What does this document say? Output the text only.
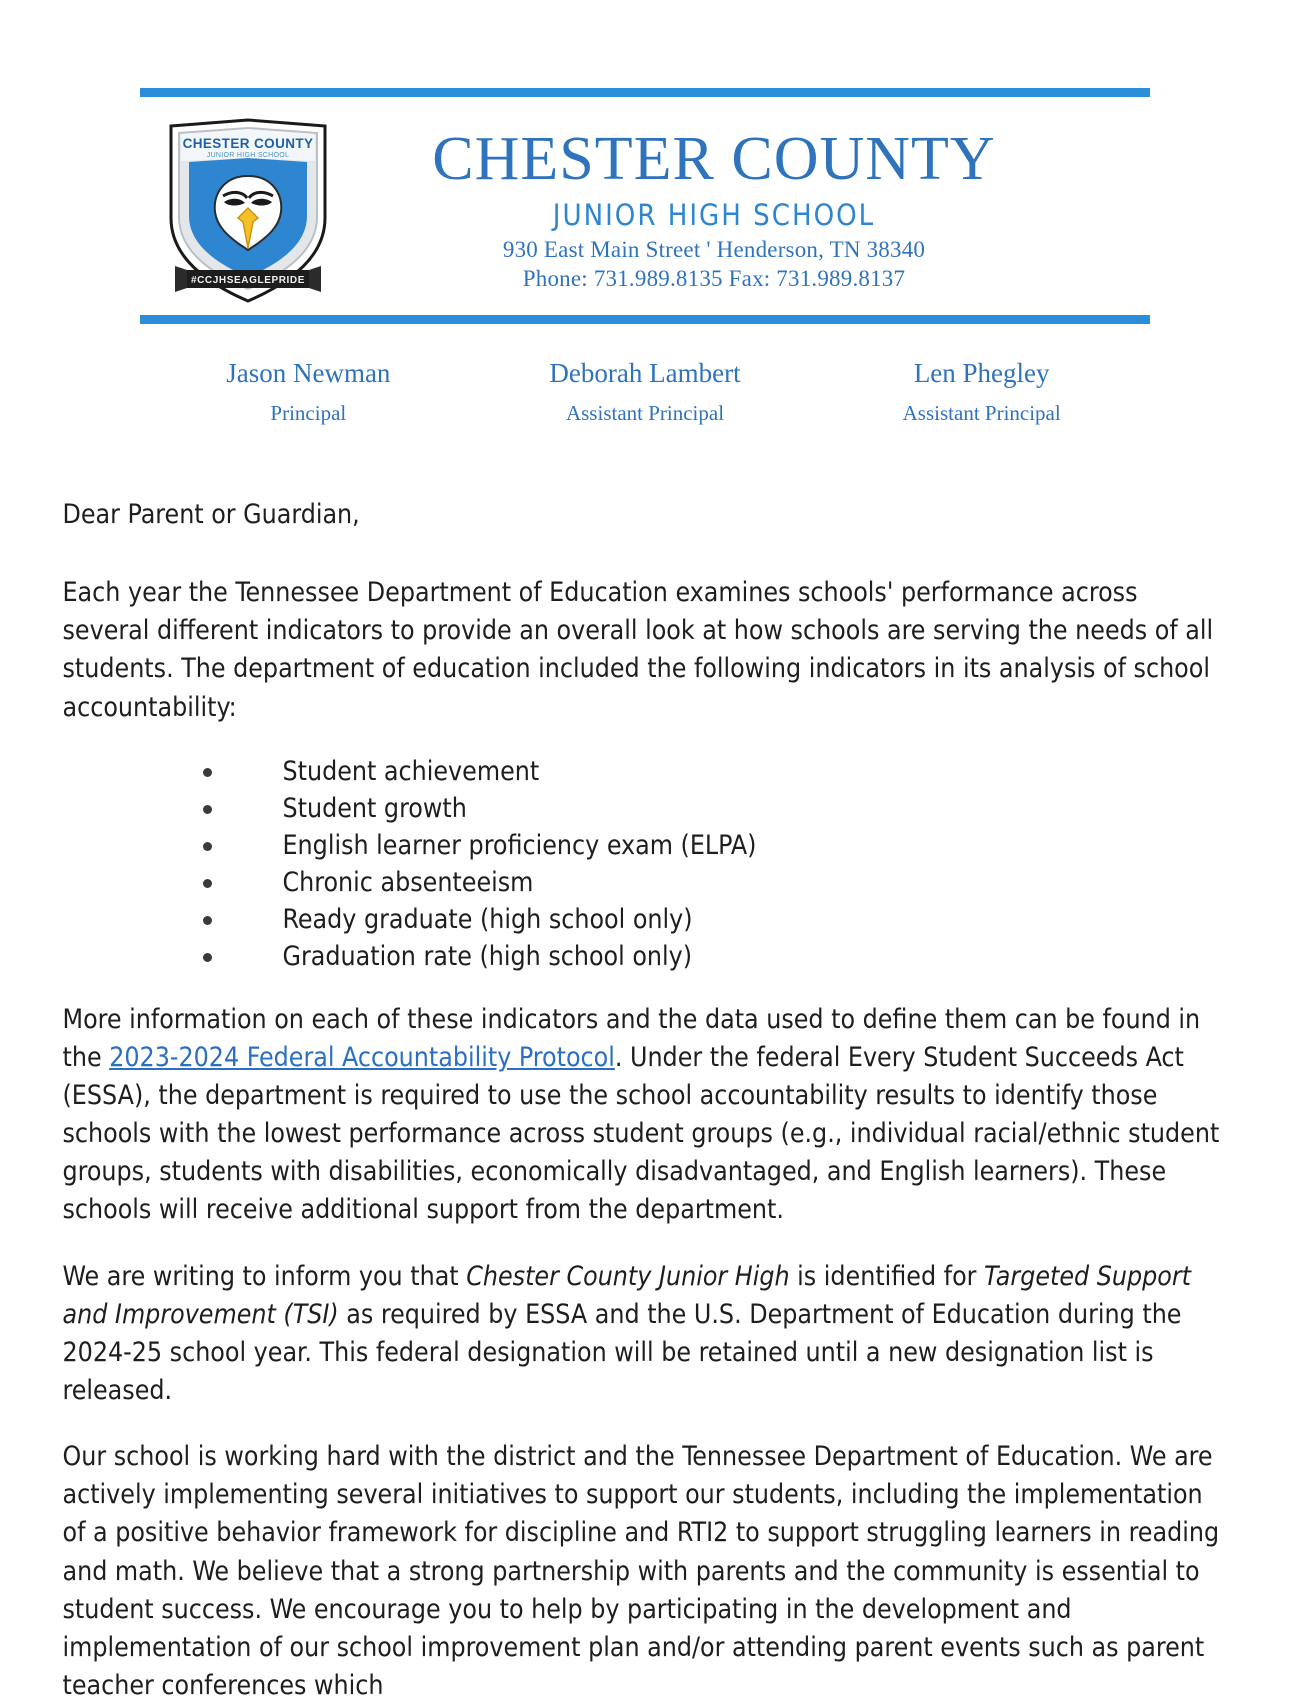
CHESTER COUNTY
JUNIOR HIGH SCHOOL
#CCJHSEAGLEPRIDE
CHESTER COUNTY
JUNIOR HIGH SCHOOL
930 East Main Street ' Henderson, TN 38340
Phone: 731.989.8135 Fax: 731.989.8137
Jason Newman
Principal
Deborah Lambert
Assistant Principal
Len Phegley
Assistant Principal

Dear Parent or Guardian,

Each year the Tennessee Department of Education examines schools' performance across several different indicators to provide an overall look at how schools are serving the needs of all students. The department of education included the following indicators in its analysis of school accountability:

Student achievement
Student growth
English learner proficiency exam (ELPA)
Chronic absenteeism
Ready graduate (high school only)
Graduation rate (high school only)

More information on each of these indicators and the data used to define them can be found in the 2023-2024 Federal Accountability Protocol. Under the federal Every Student Succeeds Act (ESSA), the department is required to use the school accountability results to identify those schools with the lowest performance across student groups (e.g., individual racial/ethnic student groups, students with disabilities, economically disadvantaged, and English learners). These schools will receive additional support from the department.

We are writing to inform you that Chester County Junior High is identified for Targeted Support and Improvement (TSI) as required by ESSA and the U.S. Department of Education during the 2024-25 school year. This federal designation will be retained until a new designation list is released.

Our school is working hard with the district and the Tennessee Department of Education. We are actively implementing several initiatives to support our students, including the implementation of a positive behavior framework for discipline and RTI2 to support struggling learners in reading and math. We believe that a strong partnership with parents and the community is essential to student success. We encourage you to help by participating in the development and implementation of our school improvement plan and/or attending parent events such as parent teacher conferences which
